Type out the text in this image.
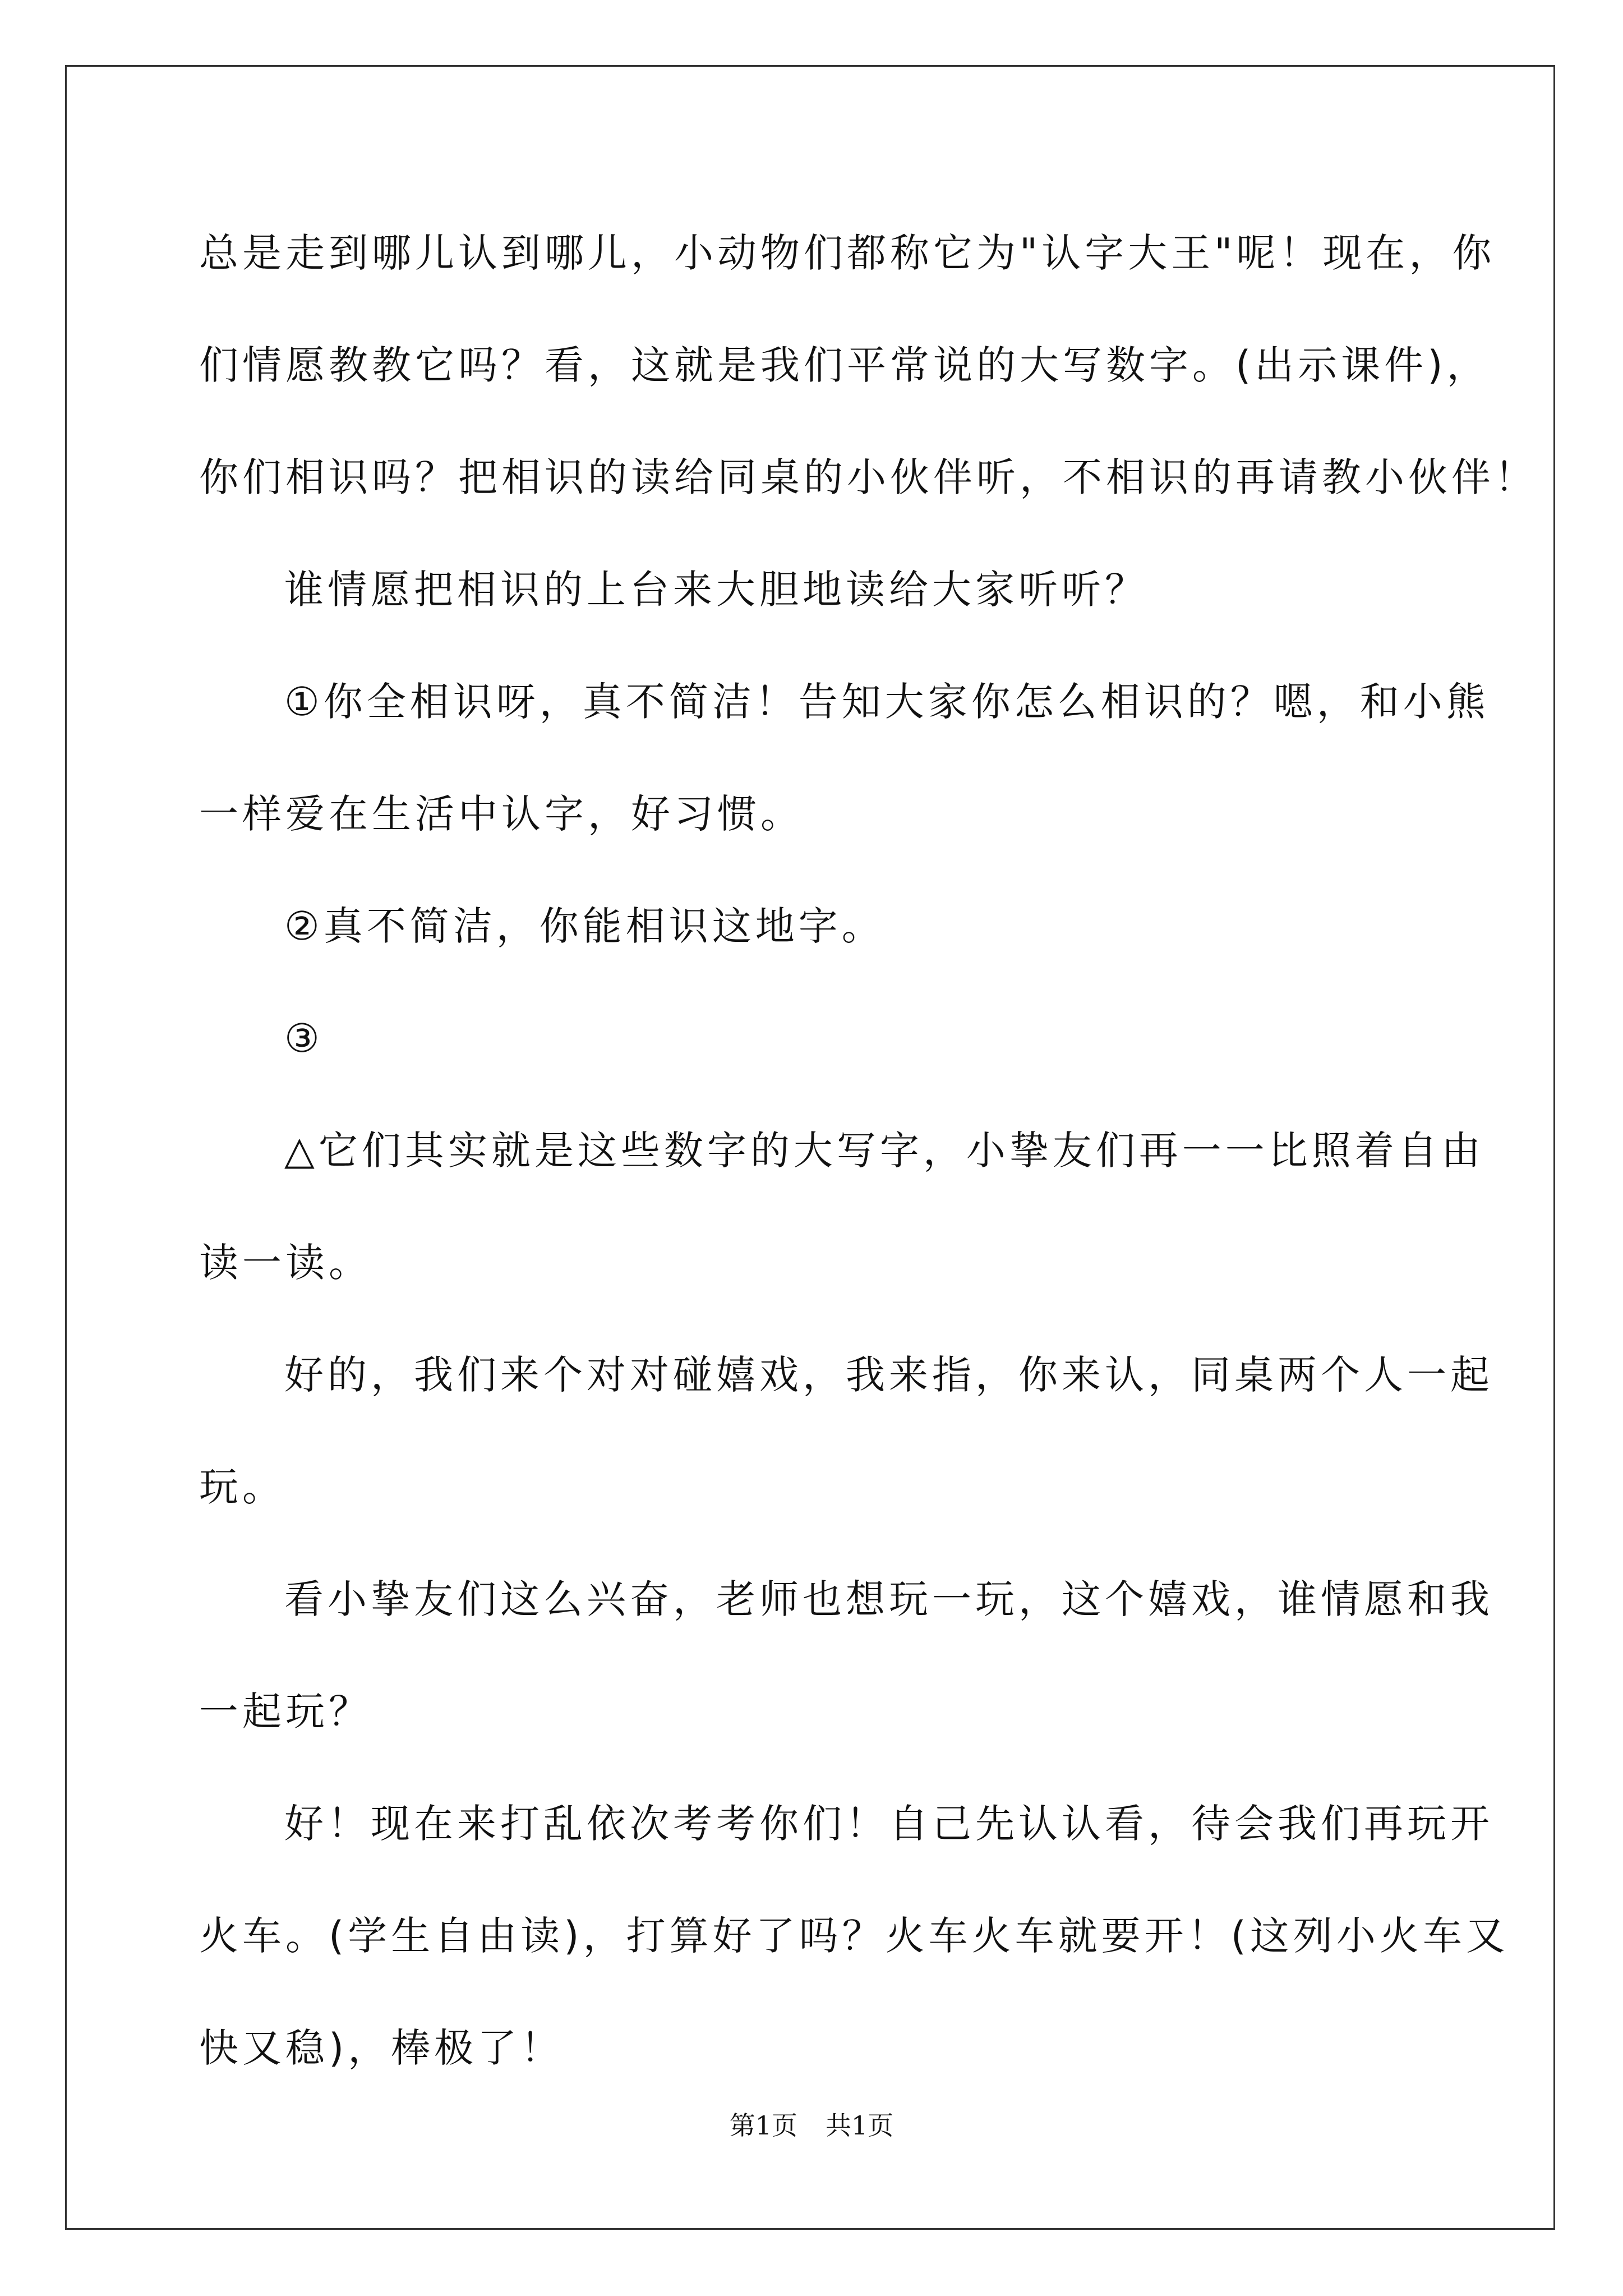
总是走到哪儿认到哪儿，小动物们都称它为"认字大王"呢！现在，你
们情愿教教它吗？看，这就是我们平常说的大写数字。(出示课件)，
你们相识吗？把相识的读给同桌的小伙伴听，不相识的再请教小伙伴！
谁情愿把相识的上台来大胆地读给大家听听？
①你全相识呀，真不简洁！告知大家你怎么相识的？嗯，和小熊
一样爱在生活中认字，好习惯。
②真不简洁，你能相识这地字。
③
△它们其实就是这些数字的大写字，小挚友们再一一比照着自由
读一读。
好的，我们来个对对碰嬉戏，我来指，你来认，同桌两个人一起
玩。
看小挚友们这么兴奋，老师也想玩一玩，这个嬉戏，谁情愿和我
一起玩？
好！现在来打乱依次考考你们！自己先认认看，待会我们再玩开
火车。(学生自由读)，打算好了吗？火车火车就要开！(这列小火车又
快又稳)，棒极了！
第1页 共1页
